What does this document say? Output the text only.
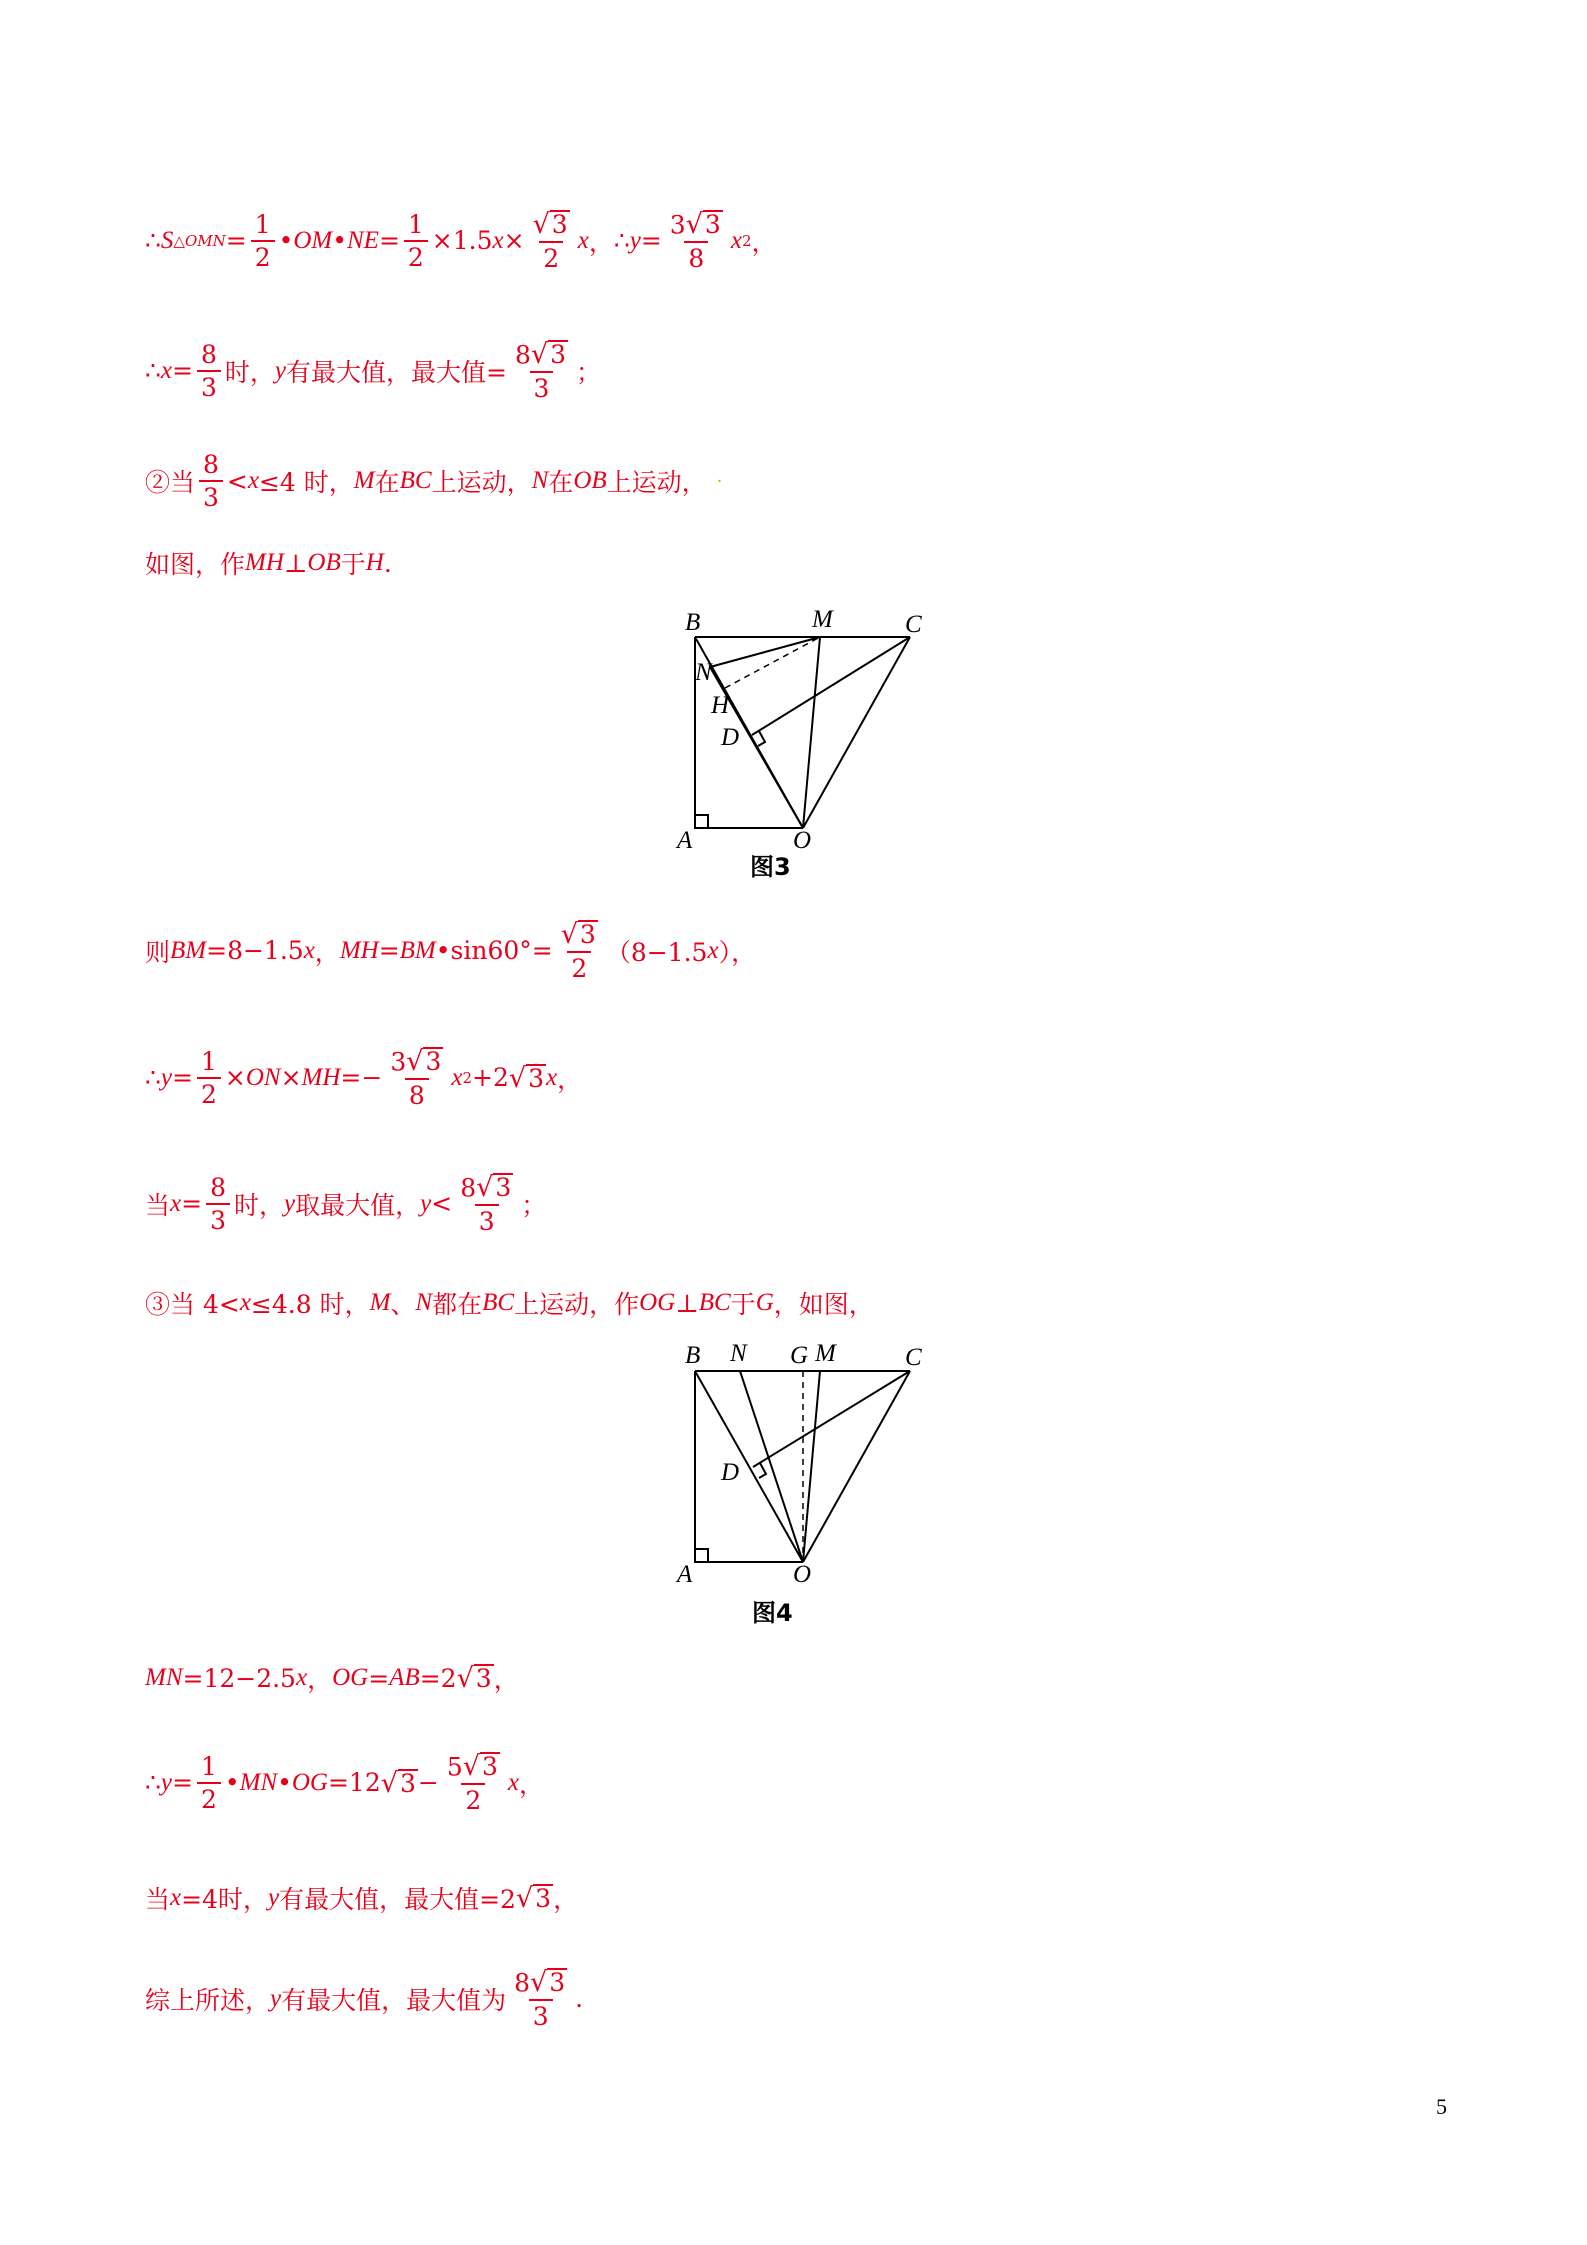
∴ S △OMN = $\frac{1}{2}$ • OM • NE = $\frac{1}{2} \times 1.5$ $x \times \frac{√ 3}{2}$ x ， ∴ $y = \frac{3 √ 3}{8}$ x 2 ，
∴ $x = \frac{8}{3}$ 时， y 有最大值，最大值= $\frac{8 √ 3}{3}$ ；
②当 $\frac{8}{3} < x \le 4$ 时， M 在 BC 上运动， N 在 OB 上运动， ·
如图，作 MH ⊥ OB 于 H .
B	M	C
N
H
D
A	O
图3
则 BM =8−1.5 x ， MH = BM • $\sin 60^\circ= \frac{√ 3}{2} (8-1.5$ x ），
∴ $y = \frac{1}{2}$ × ON × MH =− $\frac{3 √ 3}{8}$ x 2 +2 √ 3 x ，
当 $x = \frac{8}{3}$ 时， y 取最大值， $y < \frac{8 √ 3}{3}$ ；
③当 4< x ≤4.8 时， M 、 N 都在 BC 上运动，作 OG ⊥ BC 于 G ，如图，
B N G M	C
D
A	O
图4
MN =12−2.5 x ， OG = AB =2 √ 3 ，
∴ $y = \frac{1}{2}$ • MN • OG =12 √ $3 - \frac{5 √ 3}{2}$ x ，
当 x =4时， y 有最大值，最大值=2 √ 3 ，
综上所述， y 有最大值，最大值为 $\frac{8 √ 3}{3}$ .
5
